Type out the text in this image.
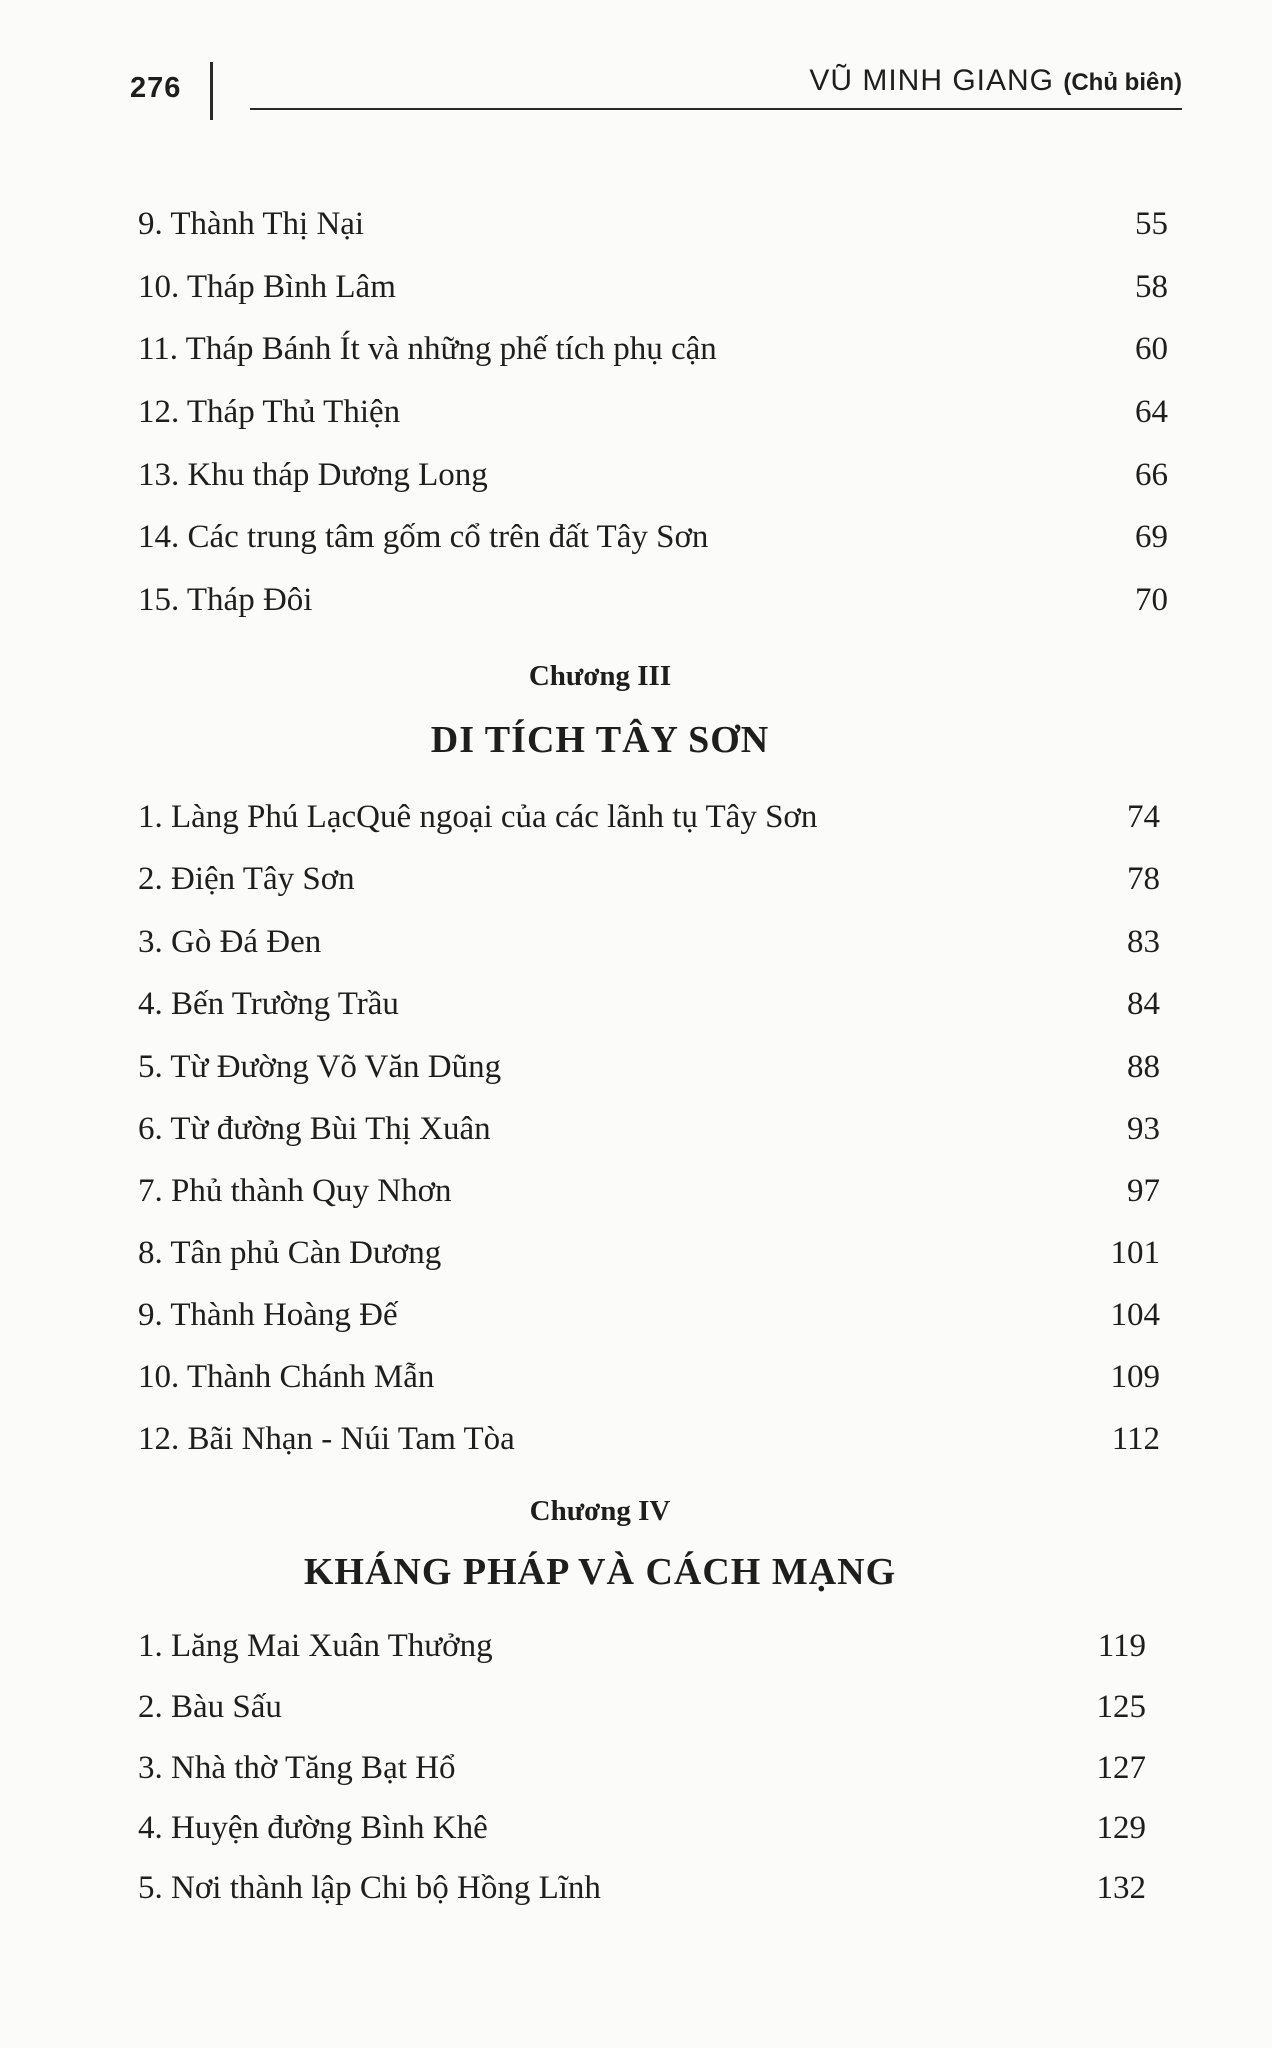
276	VŨ MINH GIANG (Chủ biên)
9. Thành Thị Nại	55
10. Tháp Bình Lâm	58
11. Tháp Bánh Ít và những phế tích phụ cận	60
12. Tháp Thủ Thiện	64
13. Khu tháp Dương Long	66
14. Các trung tâm gốm cổ trên đất Tây Sơn	69
15. Tháp Đôi	70
Chương III
DI TÍCH TÂY SƠN
1. Làng Phú LạcQuê ngoại của các lãnh tụ Tây Sơn	74
2. Điện Tây Sơn	78
3. Gò Đá Đen	83
4. Bến Trường Trầu	84
5. Từ Đường Võ Văn Dũng	88
6. Từ đường Bùi Thị Xuân	93
7. Phủ thành Quy Nhơn	97
8. Tân phủ Càn Dương	101
9. Thành Hoàng Đế	104
10. Thành Chánh Mẫn	109
12. Bãi Nhạn - Núi Tam Tòa	112
Chương IV
KHÁNG PHÁP VÀ CÁCH MẠNG
1. Lăng Mai Xuân Thưởng	119
2. Bàu Sấu	125
3. Nhà thờ Tăng Bạt Hổ	127
4. Huyện đường Bình Khê	129
5. Nơi thành lập Chi bộ Hồng Lĩnh	132
